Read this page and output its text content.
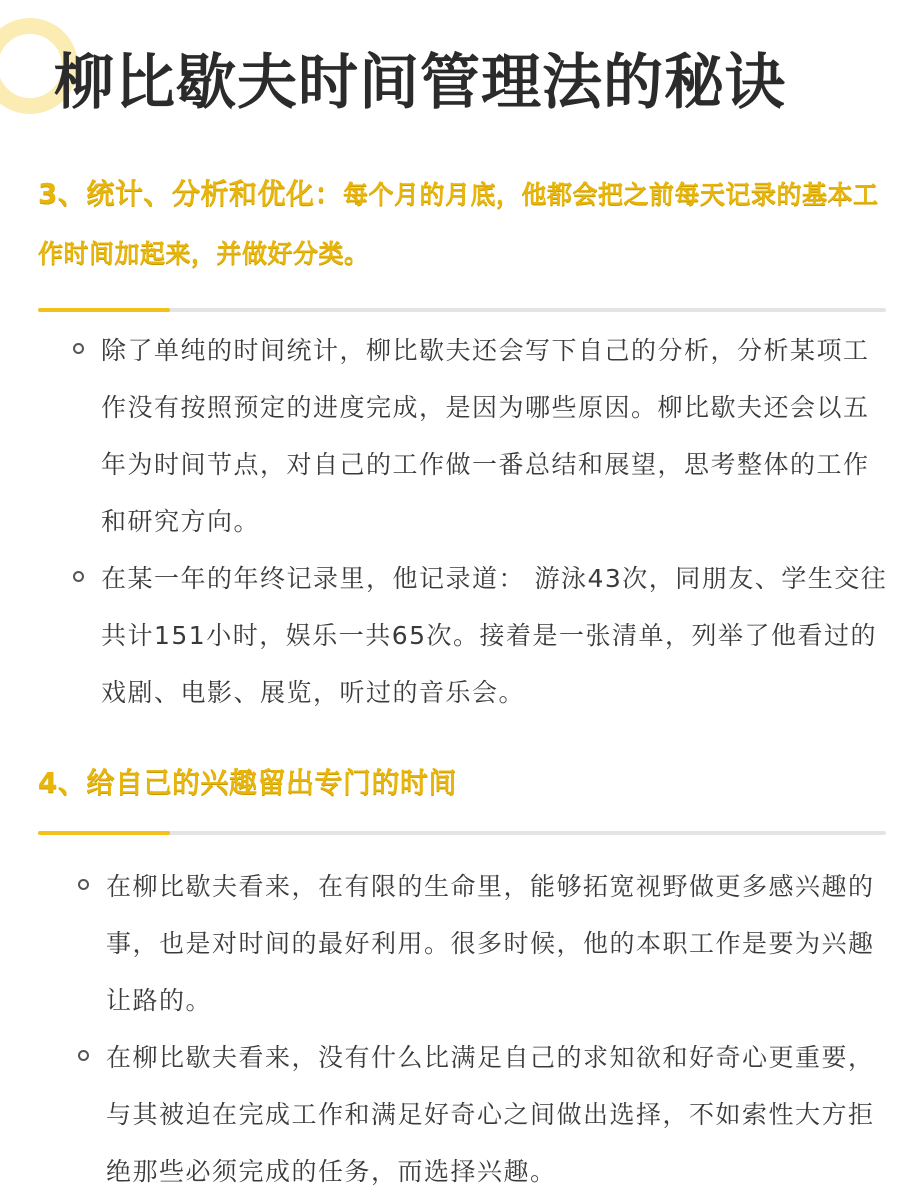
柳比歇夫时间管理法的秘诀

3、统计、分析和优化：每个月的月底，他都会把之前每天记录的基本工作时间加起来，并做好分类。

除了单纯的时间统计，柳比歇夫还会写下自己的分析，分析某项工作没有按照预定的进度完成，是因为哪些原因。柳比歇夫还会以五年为时间节点，对自己的工作做一番总结和展望，思考整体的工作和研究方向。
在某一年的年终记录里，他记录道： 游泳43次，同朋友、学生交往共计151小时，娱乐一共65次。接着是一张清单，列举了他看过的戏剧、电影、展览，听过的音乐会。

4、给自己的兴趣留出专门的时间

在柳比歇夫看来，在有限的生命里，能够拓宽视野做更多感兴趣的事，也是对时间的最好利用。很多时候，他的本职工作是要为兴趣让路的。
在柳比歇夫看来，没有什么比满足自己的求知欲和好奇心更重要，与其被迫在完成工作和满足好奇心之间做出选择，不如索性大方拒绝那些必须完成的任务，而选择兴趣。
